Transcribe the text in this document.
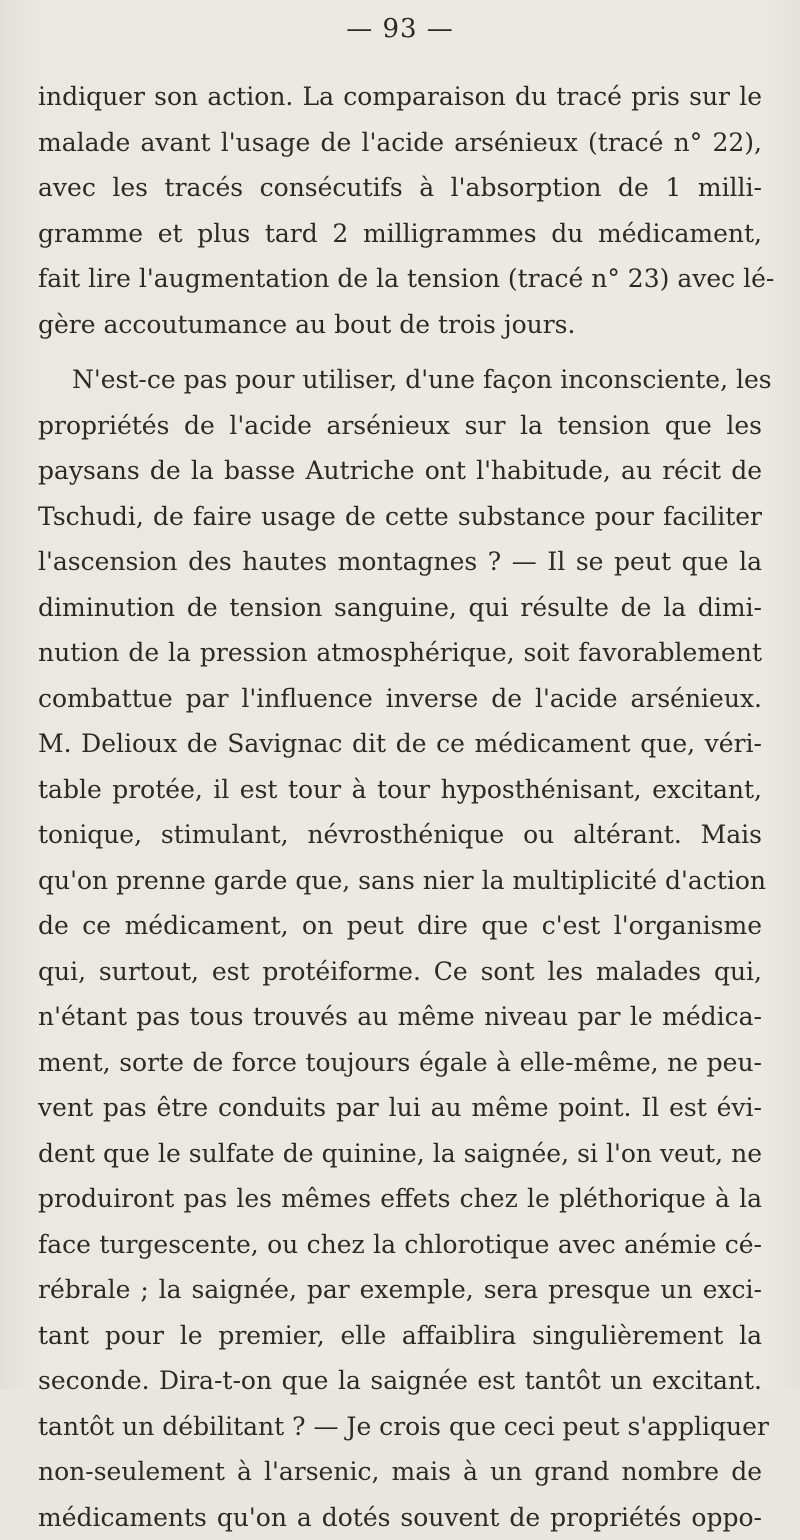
— 93 —
indiquer son action. La comparaison du tracé pris sur le
malade avant l'usage de l'acide arsénieux (tracé n° 22),
avec les tracés consécutifs à l'absorption de 1 milli-
gramme et plus tard 2 milligrammes du médicament,
fait lire l'augmentation de la tension (tracé n° 23) avec lé-
gère accoutumance au bout de trois jours.
N'est-ce pas pour utiliser, d'une façon inconsciente, les
propriétés de l'acide arsénieux sur la tension que les
paysans de la basse Autriche ont l'habitude, au récit de
Tschudi, de faire usage de cette substance pour faciliter
l'ascension des hautes montagnes ? — Il se peut que la
diminution de tension sanguine, qui résulte de la dimi-
nution de la pression atmosphérique, soit favorablement
combattue par l'influence inverse de l'acide arsénieux.
M. Delioux de Savignac dit de ce médicament que, véri-
table protée, il est tour à tour hyposthénisant, excitant,
tonique, stimulant, névrosthénique ou altérant. Mais
qu'on prenne garde que, sans nier la multiplicité d'action
de ce médicament, on peut dire que c'est l'organisme
qui, surtout, est protéiforme. Ce sont les malades qui,
n'étant pas tous trouvés au même niveau par le médica-
ment, sorte de force toujours égale à elle-même, ne peu-
vent pas être conduits par lui au même point. Il est évi-
dent que le sulfate de quinine, la saignée, si l'on veut, ne
produiront pas les mêmes effets chez le pléthorique à la
face turgescente, ou chez la chlorotique avec anémie cé-
rébrale ; la saignée, par exemple, sera presque un exci-
tant pour le premier, elle affaiblira singulièrement la
seconde. Dira-t-on que la saignée est tantôt un excitant.
tantôt un débilitant ? — Je crois que ceci peut s'appliquer
non-seulement à l'arsenic, mais à un grand nombre de
médicaments qu'on a dotés souvent de propriétés oppo-
